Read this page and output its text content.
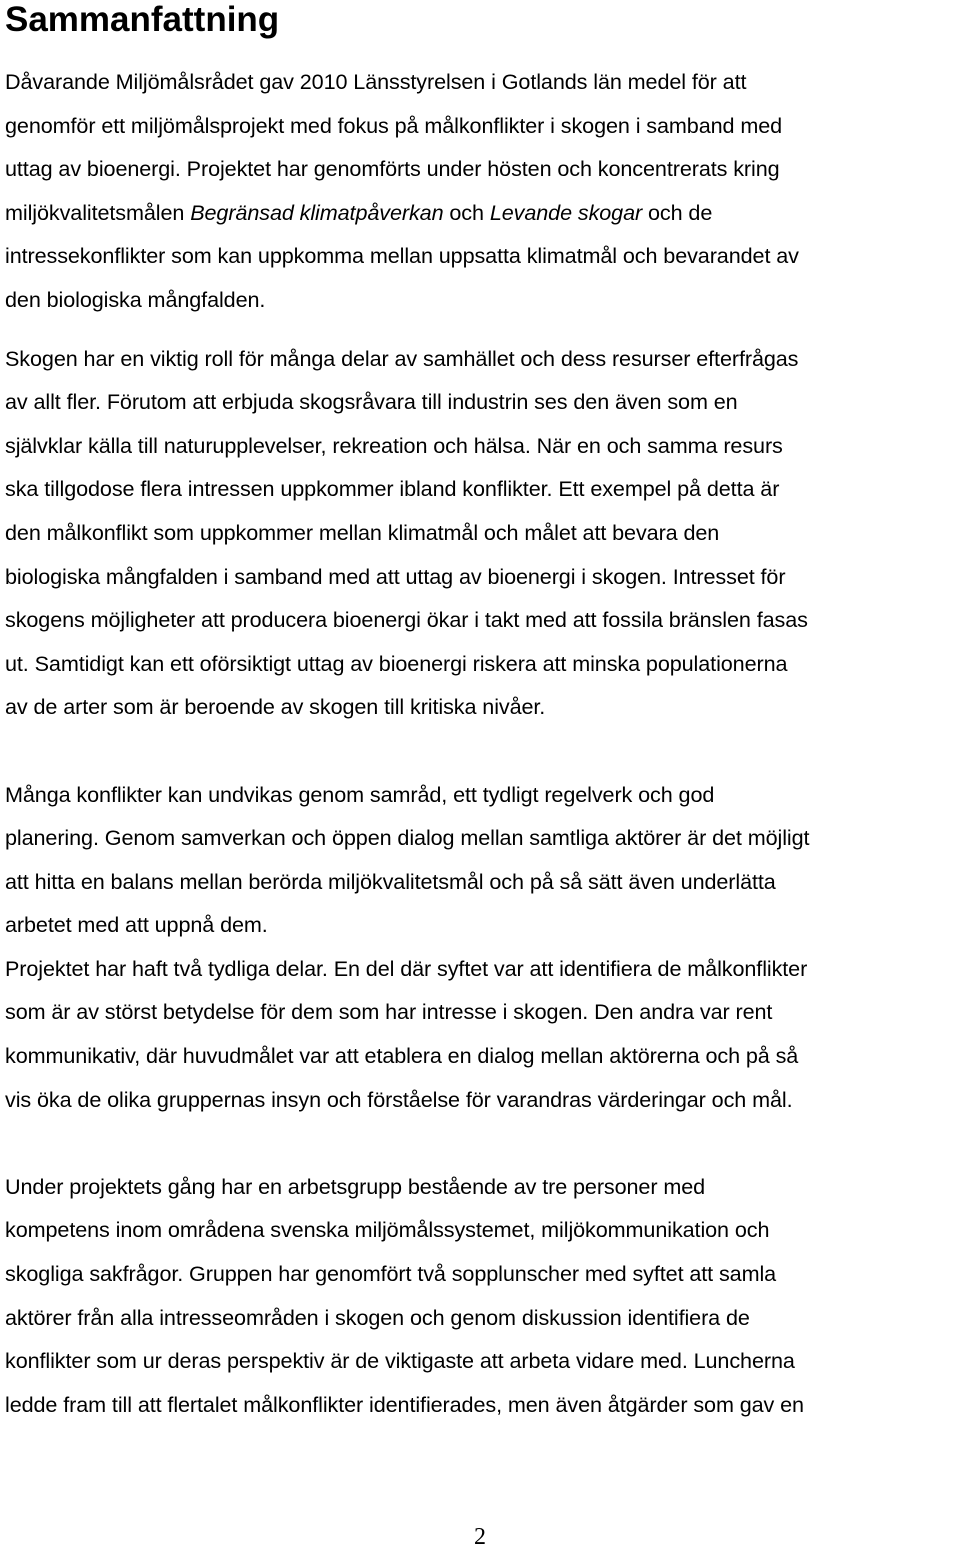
Sammanfattning
Dåvarande Miljömålsrådet gav 2010 Länsstyrelsen i Gotlands län medel för att
genomför ett miljömålsprojekt med fokus på målkonflikter i skogen i samband med
uttag av bioenergi. Projektet har genomförts under hösten och koncentrerats kring
miljökvalitetsmålen Begränsad klimatpåverkan och Levande skogar och de
intressekonflikter som kan uppkomma mellan uppsatta klimatmål och bevarandet av
den biologiska mångfalden.
Skogen har en viktig roll för många delar av samhället och dess resurser efterfrågas
av allt fler. Förutom att erbjuda skogsråvara till industrin ses den även som en
självklar källa till naturupplevelser, rekreation och hälsa. När en och samma resurs
ska tillgodose flera intressen uppkommer ibland konflikter. Ett exempel på detta är
den målkonflikt som uppkommer mellan klimatmål och målet att bevara den
biologiska mångfalden i samband med att uttag av bioenergi i skogen. Intresset för
skogens möjligheter att producera bioenergi ökar i takt med att fossila bränslen fasas
ut. Samtidigt kan ett oförsiktigt uttag av bioenergi riskera att minska populationerna
av de arter som är beroende av skogen till kritiska nivåer.
Många konflikter kan undvikas genom samråd, ett tydligt regelverk och god
planering. Genom samverkan och öppen dialog mellan samtliga aktörer är det möjligt
att hitta en balans mellan berörda miljökvalitetsmål och på så sätt även underlätta
arbetet med att uppnå dem.
Projektet har haft två tydliga delar. En del där syftet var att identifiera de målkonflikter
som är av störst betydelse för dem som har intresse i skogen. Den andra var rent
kommunikativ, där huvudmålet var att etablera en dialog mellan aktörerna och på så
vis öka de olika gruppernas insyn och förståelse för varandras värderingar och mål.
Under projektets gång har en arbetsgrupp bestående av tre personer med
kompetens inom områdena svenska miljömålssystemet, miljökommunikation och
skogliga sakfrågor. Gruppen har genomfört två sopplunscher med syftet att samla
aktörer från alla intresseområden i skogen och genom diskussion identifiera de
konflikter som ur deras perspektiv är de viktigaste att arbeta vidare med. Luncherna
ledde fram till att flertalet målkonflikter identifierades, men även åtgärder som gav en
2
